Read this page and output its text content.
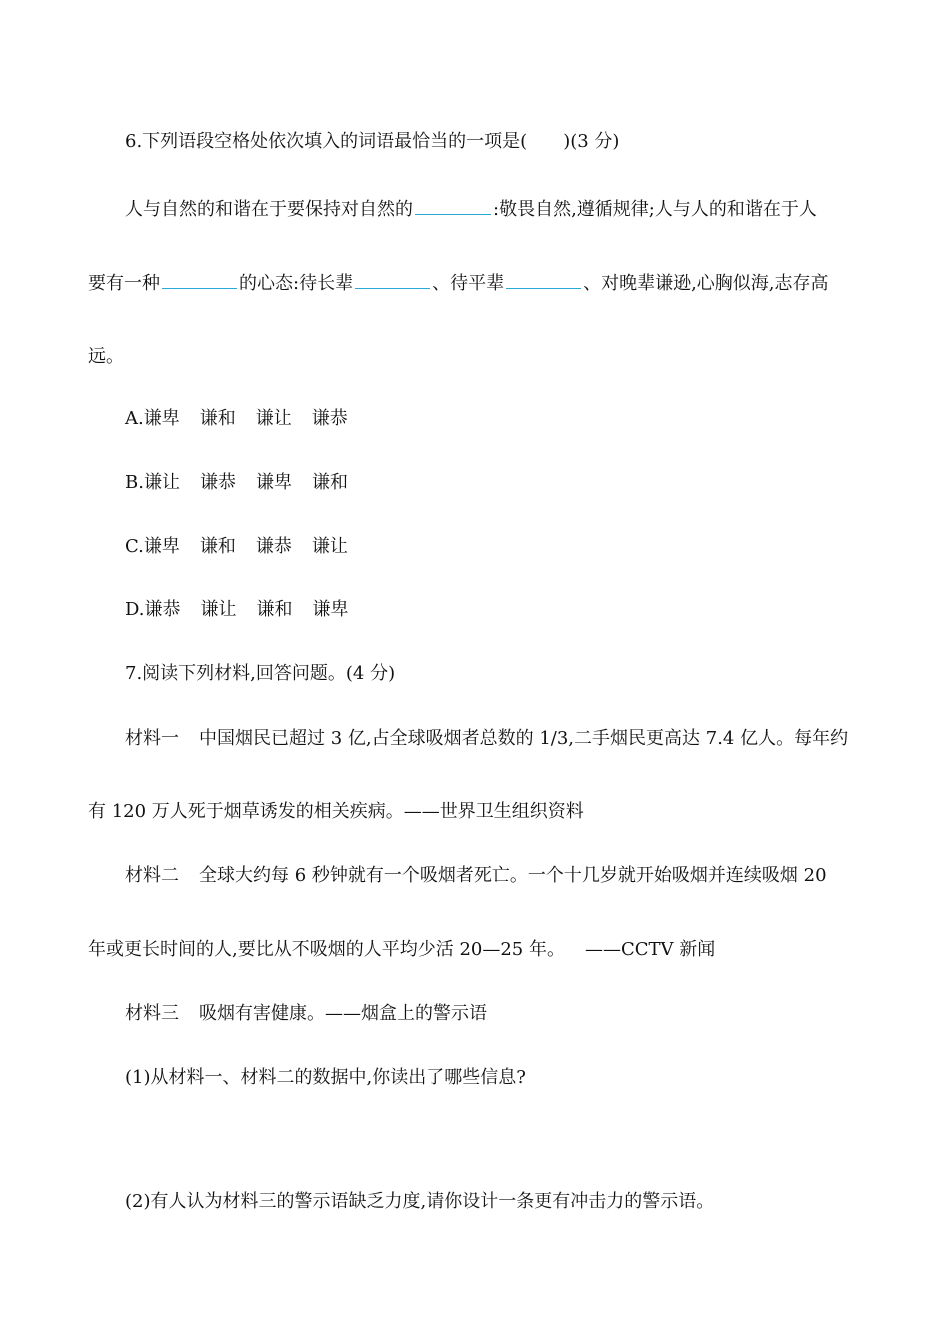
6.下列语段空格处依次填入的词语最恰当的一项是(　　)(3 分)
人与自然的和谐在于要保持对自然的	:敬畏自然,遵循规律;人与人的和谐在于人
要有一种	的心态:待长辈	、待平辈	、对晚辈谦逊,心胸似海,志存高
远。
A.谦卑 谦和 谦让 谦恭
B.谦让 谦恭 谦卑 谦和
C.谦卑 谦和 谦恭 谦让
D.谦恭 谦让 谦和 谦卑
7.阅读下列材料,回答问题。(4 分)
材料一 中国烟民已超过 3 亿,占全球吸烟者总数的 1/3,二手烟民更高达 7.4 亿人。每年约
有 120 万人死于烟草诱发的相关疾病。——世界卫生组织资料
材料二 全球大约每 6 秒钟就有一个吸烟者死亡。一个十几岁就开始吸烟并连续吸烟 20
年或更长时间的人,要比从不吸烟的人平均少活 20—25 年。 ——CCTV 新闻
材料三 吸烟有害健康。——烟盒上的警示语
(1)从材料一、材料二的数据中,你读出了哪些信息?
(2)有人认为材料三的警示语缺乏力度,请你设计一条更有冲击力的警示语。
